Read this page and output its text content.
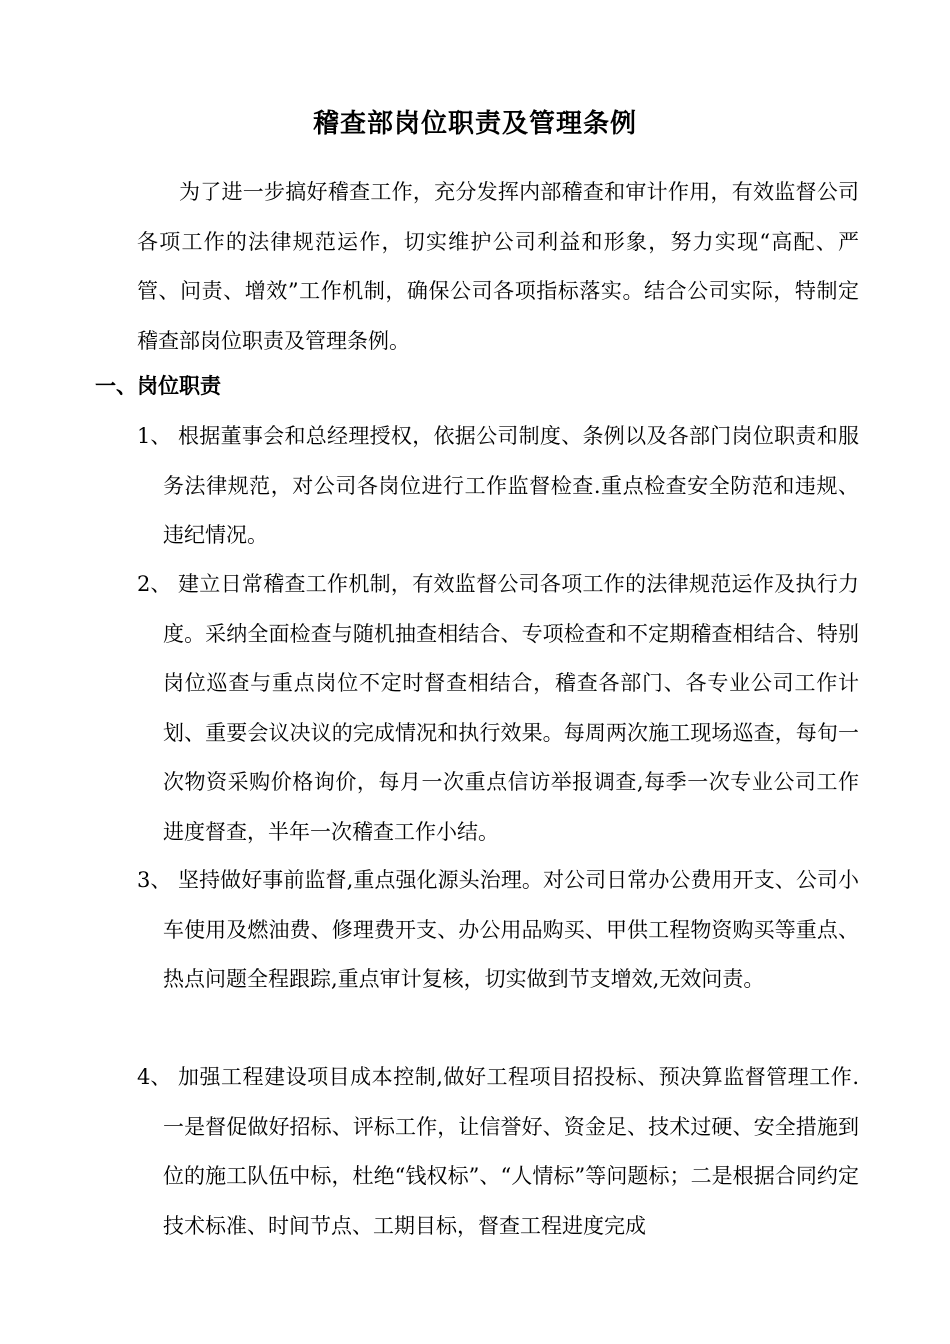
稽查部岗位职责及管理条例

为了进一步搞好稽查工作，充分发挥内部稽查和审计作用，有效监督公司各项工作的法律规范运作，切实维护公司利益和形象，努力实现“高配、严管、问责、增效”工作机制，确保公司各项指标落实。结合公司实际，特制定稽查部岗位职责及管理条例。

一、岗位职责
1、 根据董事会和总经理授权，依据公司制度、条例以及各部门岗位职责和服务法律规范，对公司各岗位进行工作监督检查.重点检查安全防范和违规、违纪情况。

2、 建立日常稽查工作机制，有效监督公司各项工作的法律规范运作及执行力度。采纳全面检查与随机抽查相结合、专项检查和不定期稽查相结合、特别岗位巡查与重点岗位不定时督查相结合，稽查各部门、各专业公司工作计划、重要会议决议的完成情况和执行效果。每周两次施工现场巡查，每旬一次物资采购价格询价，每月一次重点信访举报调查,每季一次专业公司工作进度督查，半年一次稽查工作小结。

3、 坚持做好事前监督,重点强化源头治理。对公司日常办公费用开支、公司小车使用及燃油费、修理费开支、办公用品购买、甲供工程物资购买等重点、热点问题全程跟踪,重点审计复核，切实做到节支增效,无效问责。

4、 加强工程建设项目成本控制,做好工程项目招投标、预决算监督管理工作.一是督促做好招标、评标工作，让信誉好、资金足、技术过硬、安全措施到位的施工队伍中标，杜绝“钱权标”、“人情标”等问题标；二是根据合同约定技术标准、时间节点、工期目标，督查工程进度完成
